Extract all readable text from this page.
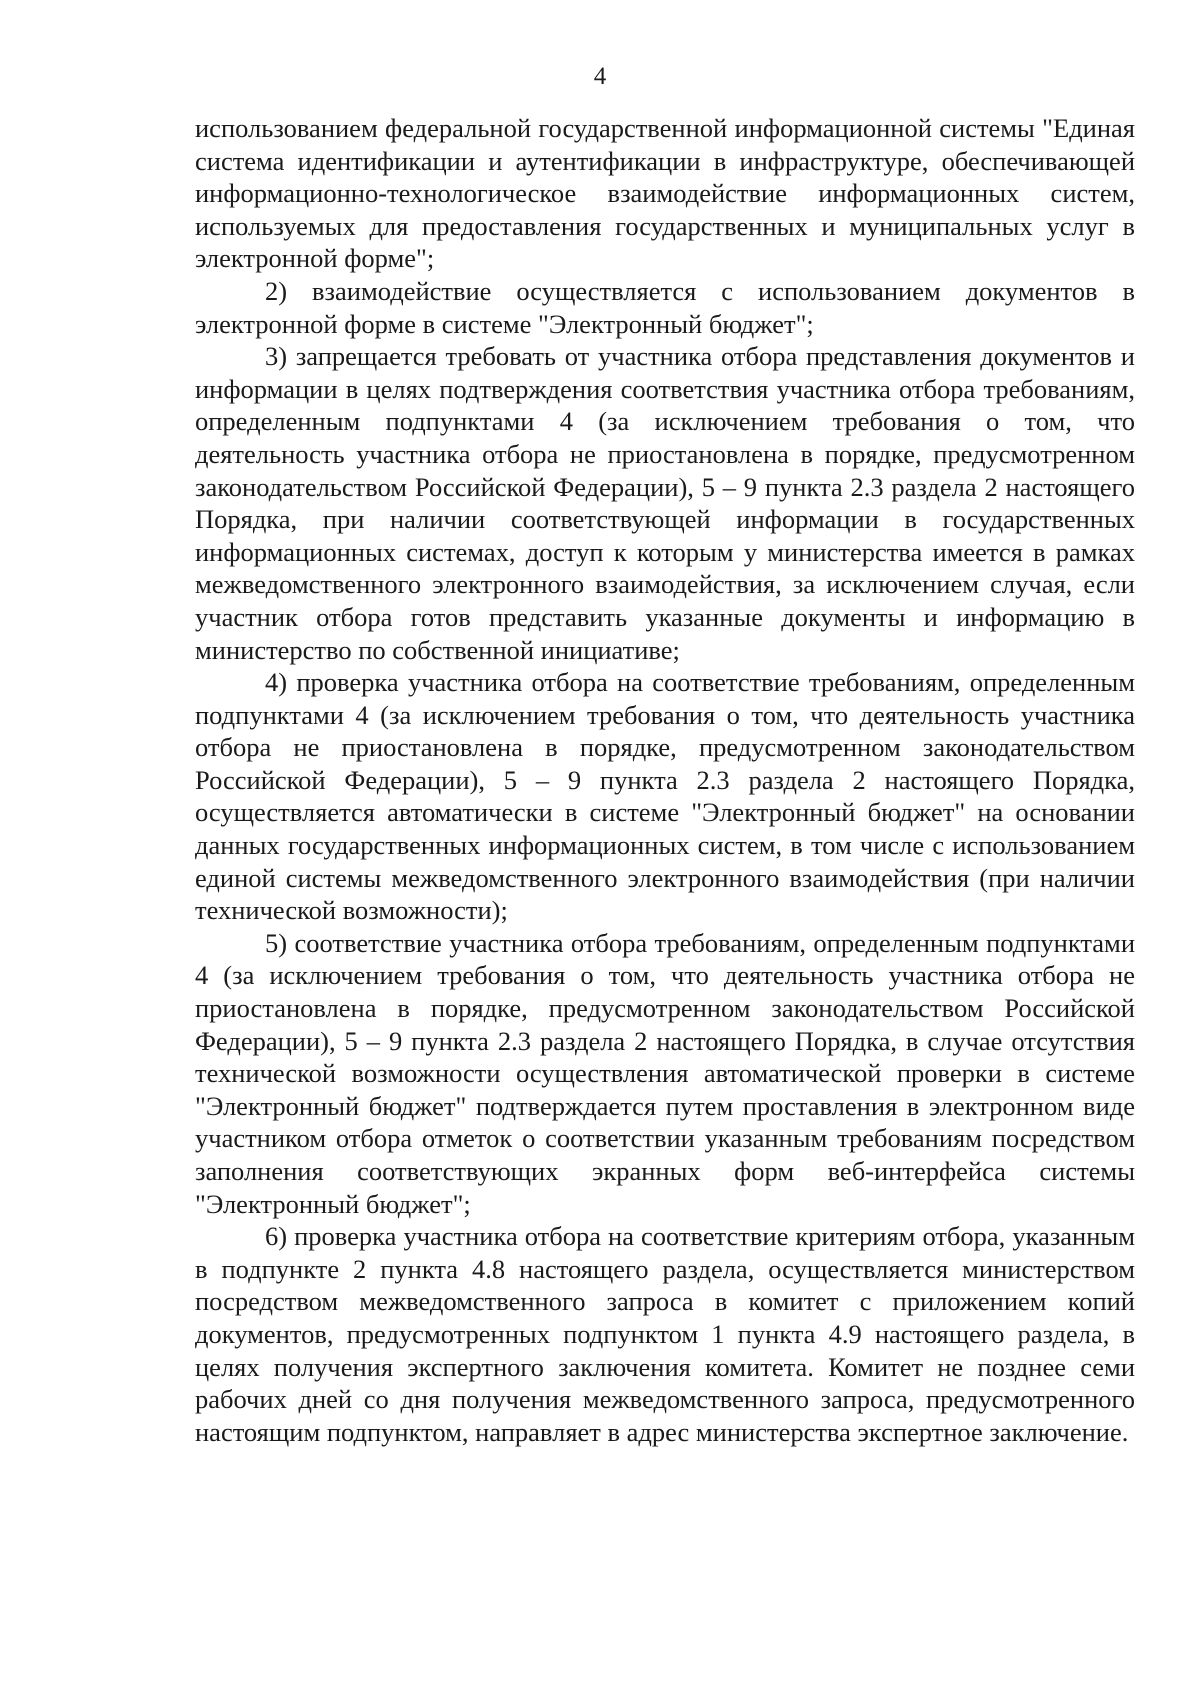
4

использованием федеральной государственной информационной системы "Единая система идентификации и аутентификации в инфраструктуре, обеспечивающей информационно-технологическое взаимодействие информационных систем, используемых для предоставления государственных и муниципальных услуг в электронной форме";

2) взаимодействие осуществляется с использованием документов в электронной форме в системе "Электронный бюджет";

3) запрещается требовать от участника отбора представления документов и информации в целях подтверждения соответствия участника отбора требованиям, определенным подпунктами 4 (за исключением требования о том, что деятельность участника отбора не приостановлена в порядке, предусмотренном законодательством Российской Федерации), 5 – 9 пункта 2.3 раздела 2 настоящего Порядка, при наличии соответствующей информации в государственных информационных системах, доступ к которым у министерства имеется в рамках межведомственного электронного взаимодействия, за исключением случая, если участник отбора готов представить указанные документы и информацию в министерство по собственной инициативе;

4) проверка участника отбора на соответствие требованиям, определенным подпунктами 4 (за исключением требования о том, что деятельность участника отбора не приостановлена в порядке, предусмотренном законодательством Российской Федерации), 5 – 9 пункта 2.3 раздела 2 настоящего Порядка, осуществляется автоматически в системе "Электронный бюджет" на основании данных государственных информационных систем, в том числе с использованием единой системы межведомственного электронного взаимодействия (при наличии технической возможности);

5) соответствие участника отбора требованиям, определенным подпунктами 4 (за исключением требования о том, что деятельность участника отбора не приостановлена в порядке, предусмотренном законодательством Российской Федерации), 5 – 9 пункта 2.3 раздела 2 настоящего Порядка, в случае отсутствия технической возможности осуществления автоматической проверки в системе "Электронный бюджет" подтверждается путем проставления в электронном виде участником отбора отметок о соответствии указанным требованиям посредством заполнения соответствующих экранных форм веб-интерфейса системы "Электронный бюджет";

6) проверка участника отбора на соответствие критериям отбора, указанным в подпункте 2 пункта 4.8 настоящего раздела, осуществляется министерством посредством межведомственного запроса в комитет с приложением копий документов, предусмотренных подпунктом 1 пункта 4.9 настоящего раздела, в целях получения экспертного заключения комитета. Комитет не позднее семи рабочих дней со дня получения межведомственного запроса, предусмотренного настоящим подпунктом, направляет в адрес министерства экспертное заключение.
